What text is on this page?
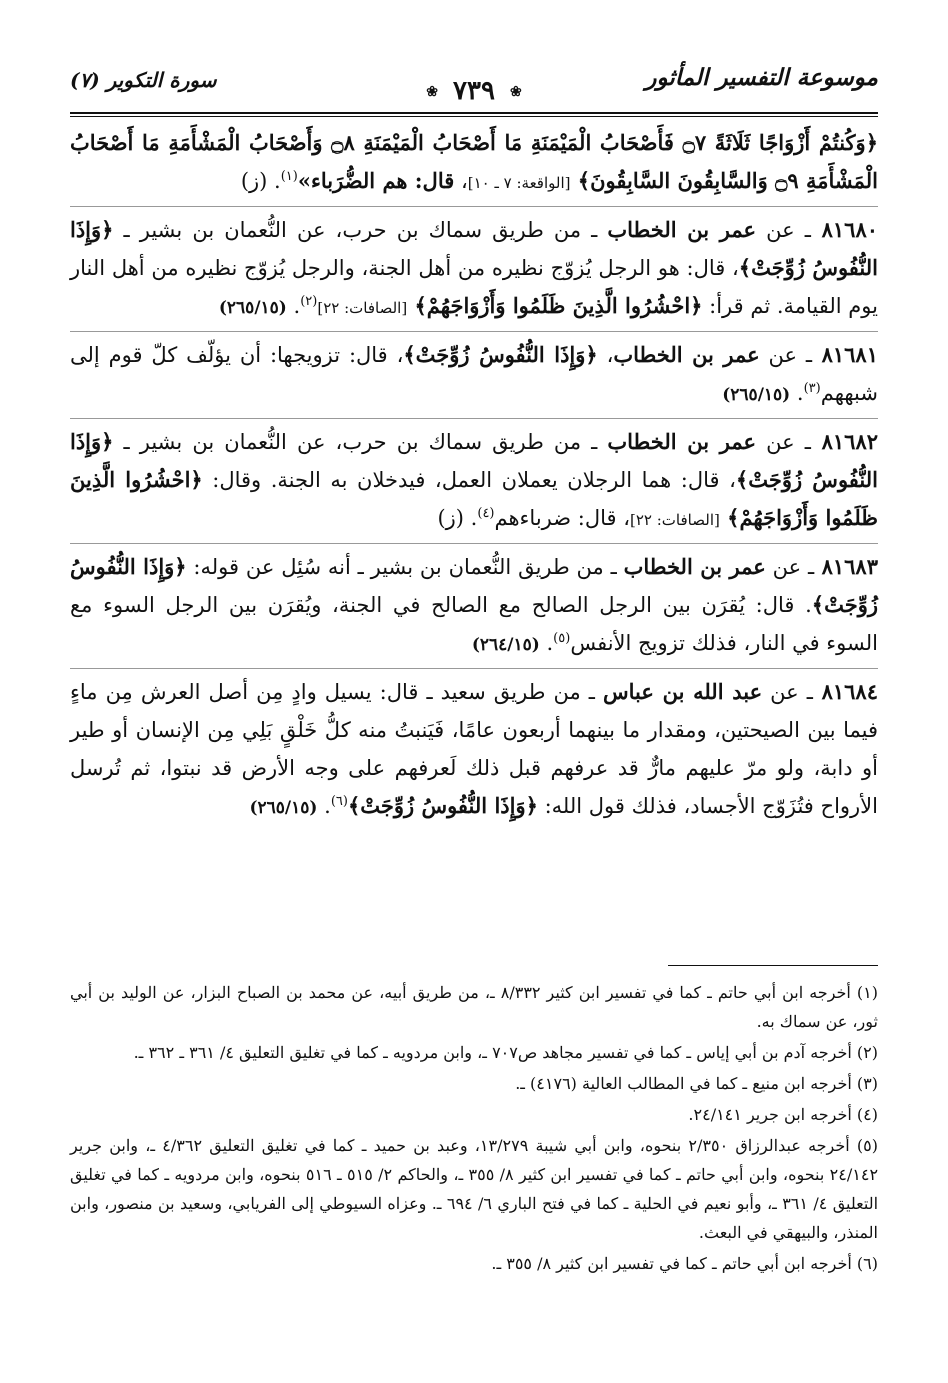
موسوعة التفسير المأثور
❀ ٧٣٩ ❀
سورة التكوير (٧)

﴿وَكُنتُمْ أَزْوَاجًا ثَلَاثَةً ۝٧ فَأَصْحَابُ الْمَيْمَنَةِ مَا أَصْحَابُ الْمَيْمَنَةِ ۝٨ وَأَصْحَابُ الْمَشْأَمَةِ مَا أَصْحَابُ الْمَشْأَمَةِ ۝٩ وَالسَّابِقُونَ السَّابِقُونَ﴾ [الواقعة: ٧ ـ ١٠]، قال: هم الضُّرَباء»$^{(١)}$. (ز)

٨١٦٨٠ ـ عن عمر بن الخطاب ـ من طريق سماك بن حرب، عن النُّعمان بن بشير ـ ﴿وَإِذَا النُّفُوسُ زُوِّجَتْ﴾، قال: هو الرجل يُزوّج نظيره من أهل الجنة، والرجل يُزوّج نظيره من أهل النار يوم القيامة. ثم قرأ: ﴿احْشُرُوا الَّذِينَ ظَلَمُوا وَأَزْوَاجَهُمْ﴾ [الصافات: ٢٢]$^{(٢)}$. (٢٦٥/١٥)

٨١٦٨١ ـ عن عمر بن الخطاب، ﴿وَإِذَا النُّفُوسُ زُوِّجَتْ﴾، قال: تزويجها: أن يؤلّف كلّ قوم إلى شبههم$^{(٣)}$. (٢٦٥/١٥)

٨١٦٨٢ ـ عن عمر بن الخطاب ـ من طريق سماك بن حرب، عن النُّعمان بن بشير ـ ﴿وَإِذَا النُّفُوسُ زُوِّجَتْ﴾، قال: هما الرجلان يعملان العمل، فيدخلان به الجنة. وقال: ﴿احْشُرُوا الَّذِينَ ظَلَمُوا وَأَزْوَاجَهُمْ﴾ [الصافات: ٢٢]، قال: ضرباءهم$^{(٤)}$. (ز)

٨١٦٨٣ ـ عن عمر بن الخطاب ـ من طريق النُّعمان بن بشير ـ أنه سُئِل عن قوله: ﴿وَإِذَا النُّفُوسُ زُوِّجَتْ﴾. قال: يُقرَن بين الرجل الصالح مع الصالح في الجنة، ويُقرَن بين الرجل السوء مع السوء في النار، فذلك تزويج الأنفس$^{(٥)}$. (٢٦٤/١٥)

٨١٦٨٤ ـ عن عبد الله بن عباس ـ من طريق سعيد ـ قال: يسيل وادٍ مِن أصل العرش مِن ماءٍ فيما بين الصيحتين، ومقدار ما بينهما أربعون عامًا، فَيَنبتُ منه كلُّ خَلْقٍ بَلِي مِن الإنسان أو طير أو دابة، ولو مرّ عليهم مارٌّ قد عرفهم قبل ذلك لَعرفهم على وجه الأرض قد نبتوا، ثم تُرسل الأرواح فتُزَوّج الأجساد، فذلك قول الله: ﴿وَإِذَا النُّفُوسُ زُوِّجَتْ﴾$^{(٦)}$. (٢٦٥/١٥)

(١) أخرجه ابن أبي حاتم ـ كما في تفسير ابن كثير ٨/٣٣٢ ـ، من طريق أبيه، عن محمد بن الصباح البزار، عن الوليد بن أبي ثور، عن سماك به.

(٢) أخرجه آدم بن أبي إياس ـ كما في تفسير مجاهد ص٧٠٧ ـ، وابن مردويه ـ كما في تغليق التعليق ٤/ ٣٦١ ـ ٣٦٢ ـ.

(٣) أخرجه ابن منيع ـ كما في المطالب العالية (٤١٧٦) ـ.

(٤) أخرجه ابن جرير ٢٤/١٤١.

(٥) أخرجه عبدالرزاق ٢/٣٥٠ بنحوه، وابن أبي شيبة ١٣/٢٧٩، وعبد بن حميد ـ كما في تغليق التعليق ٤/٣٦٢ ـ، وابن جرير ٢٤/١٤٢ بنحوه، وابن أبي حاتم ـ كما في تفسير ابن كثير ٨/ ٣٥٥ ـ، والحاكم ٢/ ٥١٥ ـ ٥١٦ بنحوه، وابن مردويه ـ كما في تغليق التعليق ٤/ ٣٦١ ـ، وأبو نعيم في الحلية ـ كما في فتح الباري ٦/ ٦٩٤ ـ. وعزاه السيوطي إلى الفريابي، وسعيد بن منصور، وابن المنذر، والبيهقي في البعث.

(٦) أخرجه ابن أبي حاتم ـ كما في تفسير ابن كثير ٨/ ٣٥٥ ـ.
